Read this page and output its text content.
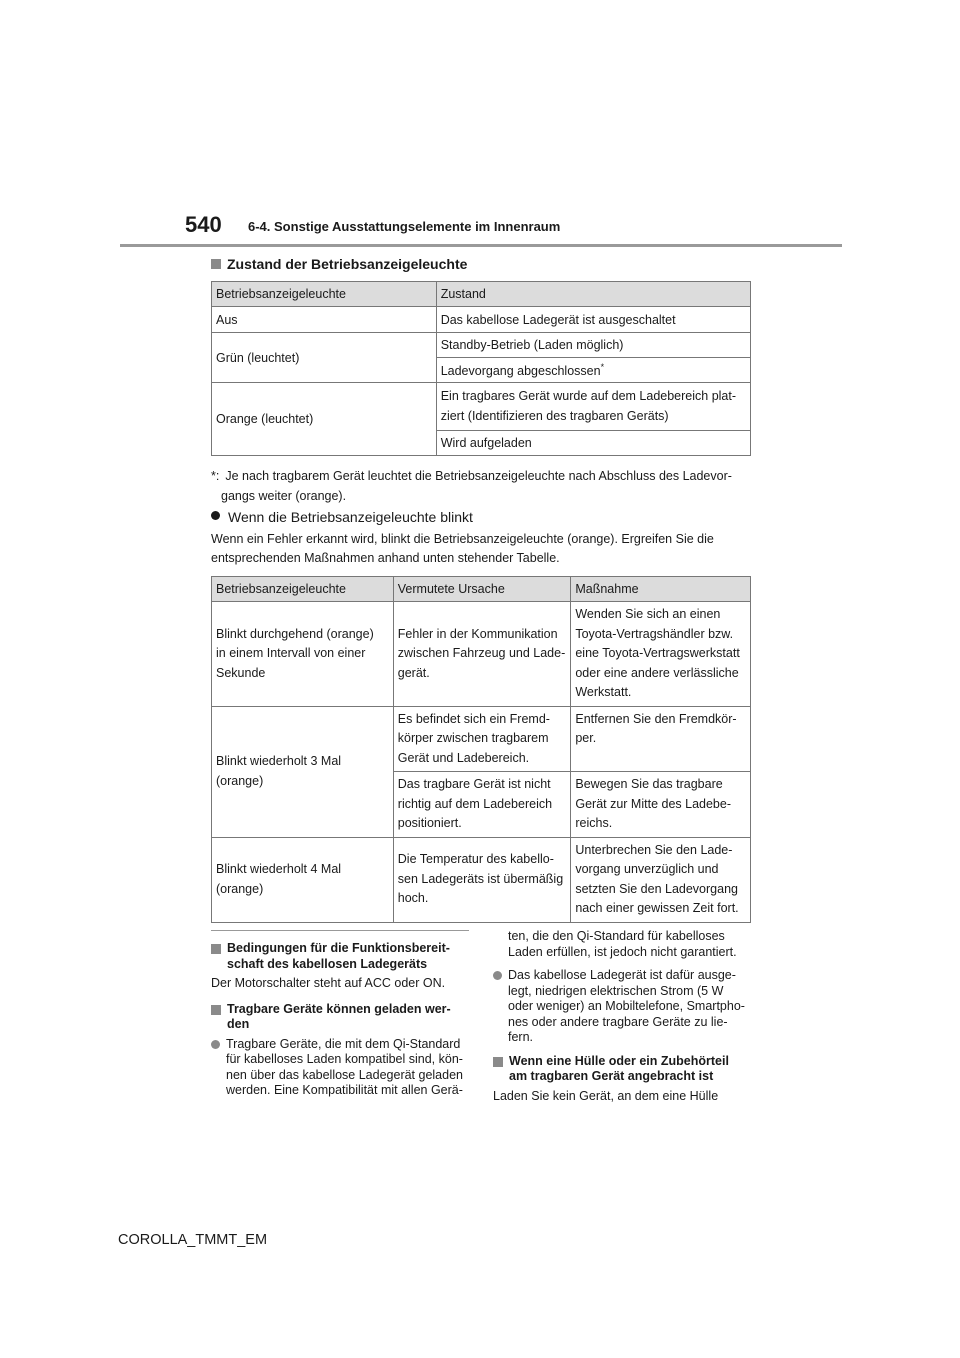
540 6-4. Sonstige Ausstattungselemente im Innenraum
Zustand der Betriebsanzeigeleuchte
Betriebsanzeigeleuchte	Zustand
Aus	Das kabellose Ladegerät ist ausgeschaltet
Grün (leuchtet)	Standby-Betrieb (Laden möglich)
	Ladevorgang abgeschlossen*
Orange (leuchtet)	Ein tragbares Gerät wurde auf dem Ladebereich plat-
ziert (Identifizieren des tragbaren Geräts)
	Wird aufgeladen
*: Je nach tragbarem Gerät leuchtet die Betriebsanzeigeleuchte nach Abschluss des Ladevor-
gangs weiter (orange).
Wenn die Betriebsanzeigeleuchte blinkt
Wenn ein Fehler erkannt wird, blinkt die Betriebsanzeigeleuchte (orange). Ergreifen Sie die entsprechenden Maßnahmen anhand unten stehender Tabelle.
Betriebsanzeigeleuchte	Vermutete Ursache	Maßnahme
Blinkt durchgehend (orange)
in einem Intervall von einer
Sekunde	Fehler in der Kommunikation
zwischen Fahrzeug und Lade-
gerät.	Wenden Sie sich an einen
Toyota-Vertragshändler bzw.
eine Toyota-Vertragswerkstatt
oder eine andere verlässliche
Werkstatt.
Blinkt wiederholt 3 Mal
(orange)	Es befindet sich ein Fremd-
körper zwischen tragbarem
Gerät und Ladebereich.	Entfernen Sie den Fremdkör-
per.
	Das tragbare Gerät ist nicht
richtig auf dem Ladebereich
positioniert.	Bewegen Sie das tragbare
Gerät zur Mitte des Ladebe-
reichs.
Blinkt wiederholt 4 Mal
(orange)	Die Temperatur des kabello-
sen Ladegeräts ist übermäßig
hoch.	Unterbrechen Sie den Lade-
vorgang unverzüglich und
setzten Sie den Ladevorgang
nach einer gewissen Zeit fort.
Bedingungen für die Funktionsbereit-
schaft des kabellosen Ladegeräts

Der Motorschalter steht auf ACC oder ON.

Tragbare Geräte können geladen wer-
den
Tragbare Geräte, die mit dem Qi-Standard
für kabelloses Laden kompatibel sind, kön-
nen über das kabellose Ladegerät geladen
werden. Eine Kompatibilität mit allen Gerä-
ten, die den Qi-Standard für kabelloses
Laden erfüllen, ist jedoch nicht garantiert.
Das kabellose Ladegerät ist dafür ausge-
legt, niedrigen elektrischen Strom (5 W
oder weniger) an Mobiltelefone, Smartpho-
nes oder andere tragbare Geräte zu lie-
fern.
Wenn eine Hülle oder ein Zubehörteil
am tragbaren Gerät angebracht ist

Laden Sie kein Gerät, an dem eine Hülle

COROLLA_TMMT_EM
